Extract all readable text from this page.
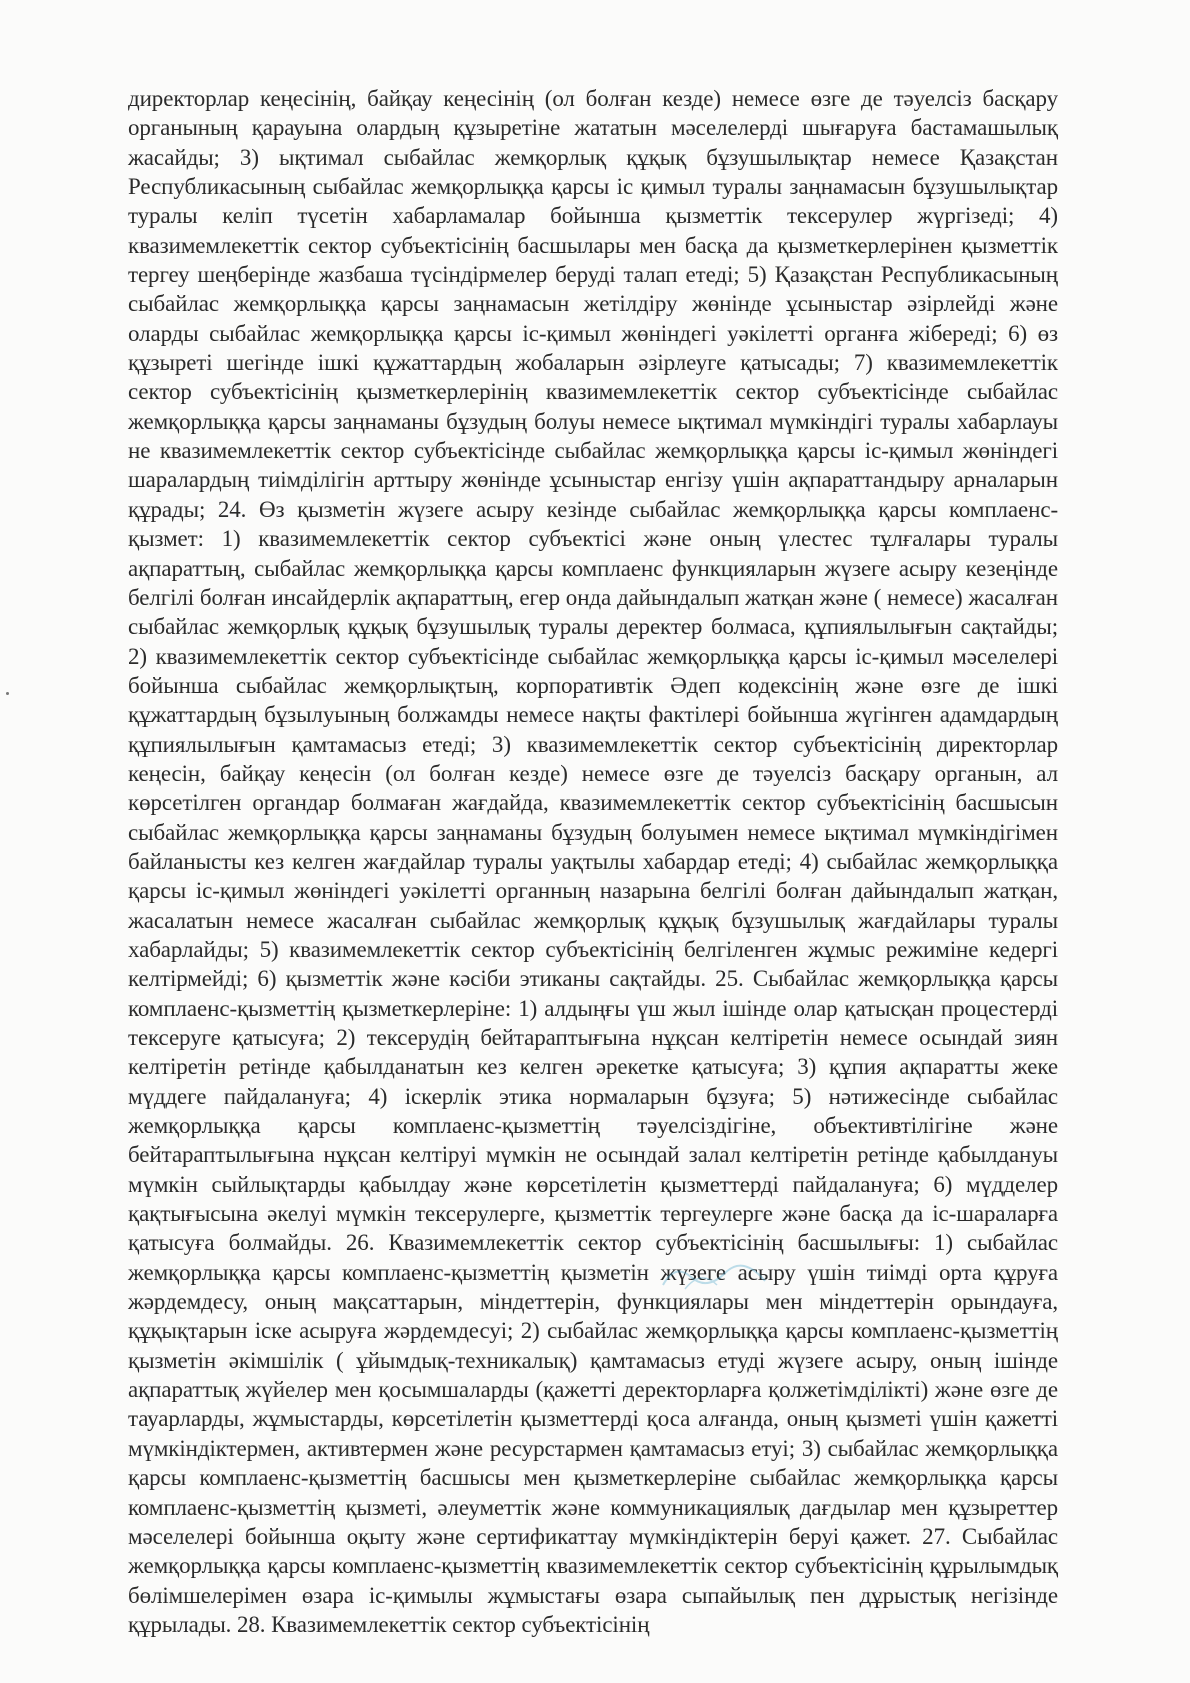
директорлар кеңесінің, байқау кеңесінің (ол болған кезде) немесе өзге де тәуелсіз басқару органының қарауына олардың құзыретіне жататын мәселелерді шығаруға бастамашылық жасайды; 3) ықтимал сыбайлас жемқорлық құқық бұзушылықтар немесе Қазақстан Республикасының сыбайлас жемқорлыққа қарсы іс қимыл туралы заңнамасын бұзушылықтар туралы келіп түсетін хабарламалар бойынша қызметтік тексерулер жүргізеді; 4) квазимемлекеттік сектор субъектісінің басшылары мен басқа да қызметкерлерінен қызметтік тергеу шеңберінде жазбаша түсіндірмелер беруді талап етеді; 5) Қазақстан Республикасының сыбайлас жемқорлыққа қарсы заңнамасын жетілдіру жөнінде ұсыныстар әзірлейді және оларды сыбайлас жемқорлыққа қарсы іс-қимыл жөніндегі уәкілетті органға жібереді; 6) өз құзыреті шегінде ішкі құжаттардың жобаларын әзірлеуге қатысады; 7) квазимемлекеттік сектор субъектісінің қызметкерлерінің квазимемлекеттік сектор субъектісінде сыбайлас жемқорлыққа қарсы заңнаманы бұзудың болуы немесе ықтимал мүмкіндігі туралы хабарлауы не квазимемлекеттік сектор субъектісінде сыбайлас жемқорлыққа қарсы іс-қимыл жөніндегі шаралардың тиімділігін арттыру жөнінде ұсыныстар енгізу үшін ақпараттандыру арналарын құрады; 24. Өз қызметін жүзеге асыру кезінде сыбайлас жемқорлыққа қарсы комплаенс-қызмет: 1) квазимемлекеттік сектор субъектісі және оның үлестес тұлғалары туралы ақпараттың, сыбайлас жемқорлыққа қарсы комплаенс функцияларын жүзеге асыру кезеңінде белгілі болған инсайдерлік ақпараттың, егер онда дайындалып жатқан және ( немесе) жасалған сыбайлас жемқорлық құқық бұзушылық туралы деректер болмаса, құпиялылығын сақтайды; 2) квазимемлекеттік сектор субъектісінде сыбайлас жемқорлыққа қарсы іс-қимыл мәселелері бойынша сыбайлас жемқорлықтың, корпоративтік Әдеп кодексінің және өзге де ішкі құжаттардың бұзылуының болжамды немесе нақты фактілері бойынша жүгінген адамдардың құпиялылығын қамтамасыз етеді; 3) квазимемлекеттік сектор субъектісінің директорлар кеңесін, байқау кеңесін (ол болған кезде) немесе өзге де тәуелсіз басқару органын, ал көрсетілген органдар болмаған жағдайда, квазимемлекеттік сектор субъектісінің басшысын сыбайлас жемқорлыққа қарсы заңнаманы бұзудың болуымен немесе ықтимал мүмкіндігімен байланысты кез келген жағдайлар туралы уақтылы хабардар етеді; 4) сыбайлас жемқорлыққа қарсы іс-қимыл жөніндегі уәкілетті органның назарына белгілі болған дайындалып жатқан, жасалатын немесе жасалған сыбайлас жемқорлық құқық бұзушылық жағдайлары туралы хабарлайды; 5) квазимемлекеттік сектор субъектісінің белгіленген жұмыс режиміне кедергі келтірмейді; 6) қызметтік және кәсіби этиканы сақтайды. 25. Сыбайлас жемқорлыққа қарсы комплаенс-қызметтің қызметкерлеріне: 1) алдыңғы үш жыл ішінде олар қатысқан процестерді тексеруге қатысуға; 2) тексерудің бейтараптығына нұқсан келтіретін немесе осындай зиян келтіретін ретінде қабылданатын кез келген әрекетке қатысуға; 3) құпия ақпаратты жеке мүддеге пайдалануға; 4) іскерлік этика нормаларын бұзуға; 5) нәтижесінде сыбайлас жемқорлыққа қарсы комплаенс-қызметтің тәуелсіздігіне, объективтілігіне және бейтараптылығына нұқсан келтіруі мүмкін не осындай залал келтіретін ретінде қабылдануы мүмкін сыйлықтарды қабылдау және көрсетілетін қызметтерді пайдалануға; 6) мүдделер қақтығысына әкелуі мүмкін тексерулерге, қызметтік тергеулерге және басқа да іс-шараларға қатысуға болмайды. 26. Квазимемлекеттік сектор субъектісінің басшылығы: 1) сыбайлас жемқорлыққа қарсы комплаенс-қызметтің қызметін жүзеге асыру үшін тиімді орта құруға жәрдемдесу, оның мақсаттарын, міндеттерін, функциялары мен міндеттерін орындауға, құқықтарын іске асыруға жәрдемдесуі; 2) сыбайлас жемқорлыққа қарсы комплаенс-қызметтің қызметін әкімшілік ( ұйымдық-техникалық) қамтамасыз етуді жүзеге асыру, оның ішінде ақпараттық жүйелер мен қосымшаларды (қажетті деректорларға қолжетімділікті) және өзге де тауарларды, жұмыстарды, көрсетілетін қызметтерді қоса алғанда, оның қызметі үшін қажетті мүмкіндіктермен, активтермен және ресурстармен қамтамасыз етуі; 3) сыбайлас жемқорлыққа қарсы комплаенс-қызметтің басшысы мен қызметкерлеріне сыбайлас жемқорлыққа қарсы комплаенс-қызметтің қызметі, әлеуметтік және коммуникациялық дағдылар мен құзыреттер мәселелері бойынша оқыту және сертификаттау мүмкіндіктерін беруі қажет. 27. Сыбайлас жемқорлыққа қарсы комплаенс-қызметтің квазимемлекеттік сектор субъектісінің құрылымдық бөлімшелерімен өзара іс-қимылы жұмыстағы өзара сыпайылық пен дұрыстық негізінде құрылады. 28. Квазимемлекеттік сектор субъектісінің
